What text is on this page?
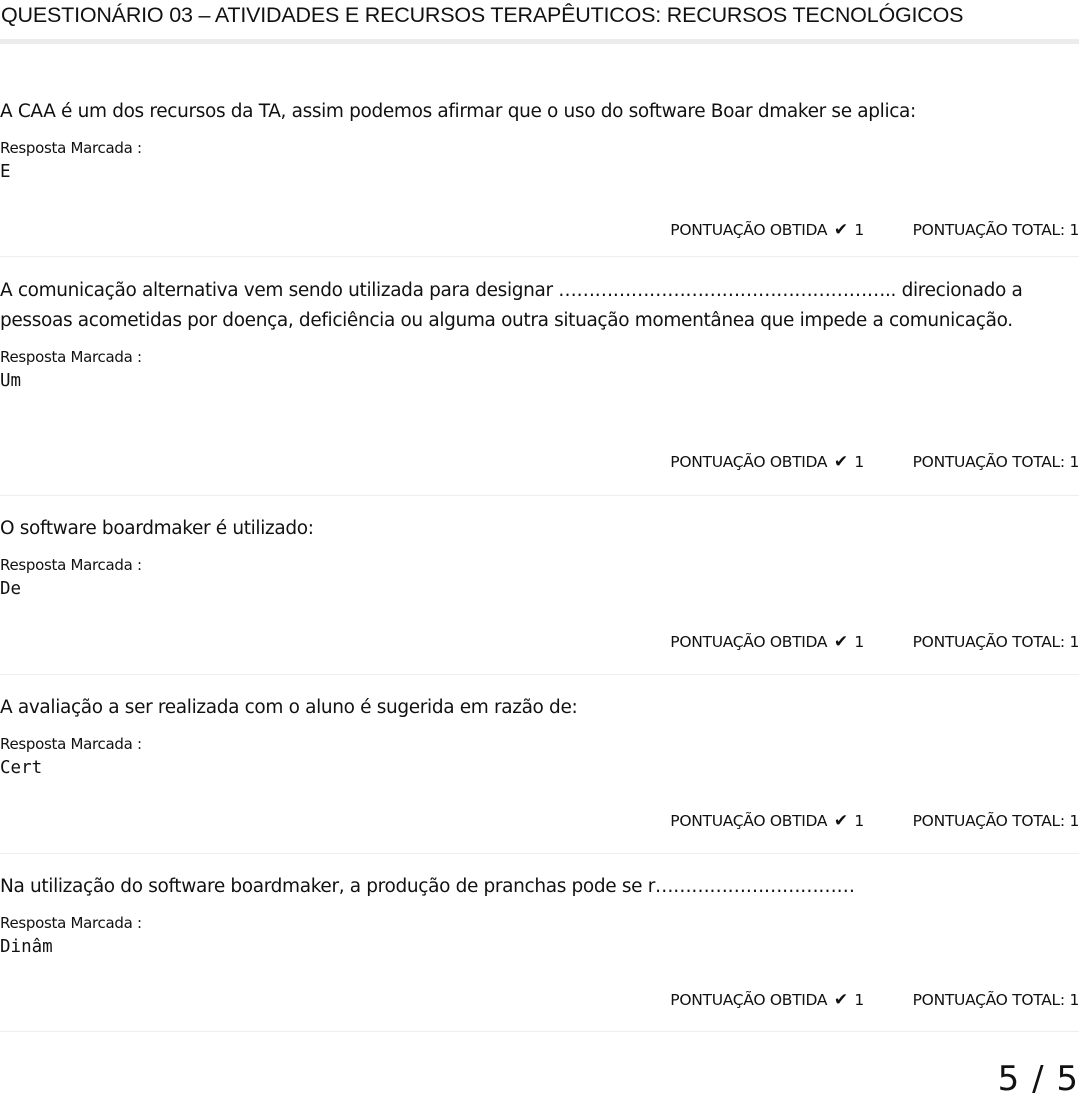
QUESTIONÁRIO 03 – ATIVIDADES E RECURSOS TERAPÊUTICOS: RECURSOS TECNOLÓGICOS

A CAA é um dos recursos da TA, assim podemos afirmar que o uso do software Boar dmaker se aplica:

Resposta Marcada :
E
PONTUAÇÃO OBTIDA ✔ 1	PONTUAÇÃO TOTAL: 1

A comunicação alternativa vem sendo utilizada para designar ……………………………………………….. direcionado a pessoas acometidas por doença, deficiência ou alguma outra situação momentânea que impede a comunicação.

Resposta Marcada :
Um
PONTUAÇÃO OBTIDA ✔ 1	PONTUAÇÃO TOTAL: 1

O software boardmaker é utilizado:

Resposta Marcada :
De
PONTUAÇÃO OBTIDA ✔ 1	PONTUAÇÃO TOTAL: 1

A avaliação a ser realizada com o aluno é sugerida em razão de:

Resposta Marcada :
Cert
PONTUAÇÃO OBTIDA ✔ 1	PONTUAÇÃO TOTAL: 1

Na utilização do software boardmaker, a produção de pranchas pode se r……………………………

Resposta Marcada :
Dinâm
PONTUAÇÃO OBTIDA ✔ 1	PONTUAÇÃO TOTAL: 1
5 / 5
